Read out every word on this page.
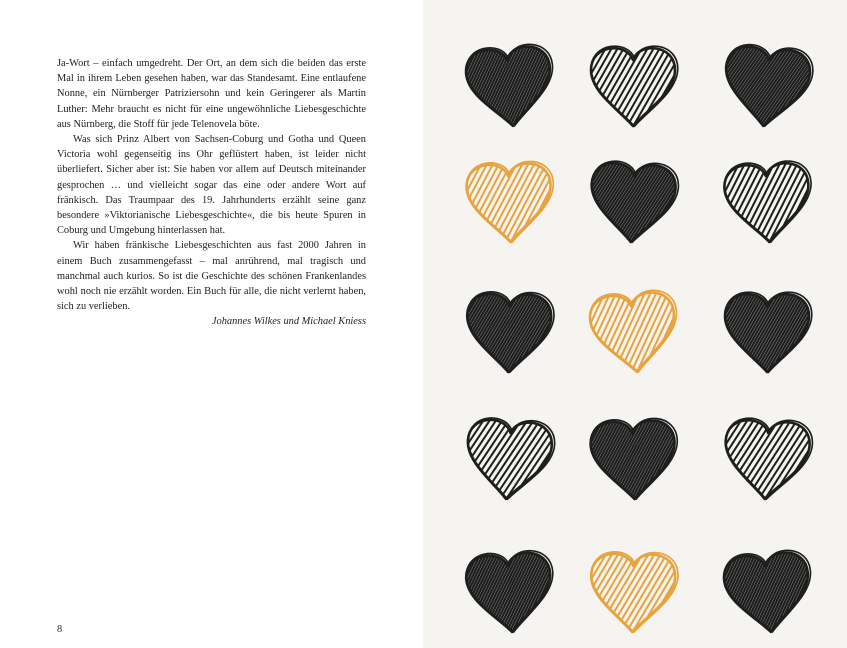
Ja-Wort – einfach umgedreht. Der Ort, an dem sich die beiden das erste Mal in ihrem Leben gesehen haben, war das Standesamt. Eine entlaufene Nonne, ein Nürnberger Patriziersohn und kein Geringerer als Martin Luther: Mehr braucht es nicht für eine ungewöhnliche Liebesgeschichte aus Nürnberg, die Stoff für jede Telenovela böte.

Was sich Prinz Albert von Sachsen-Coburg und Gotha und Queen Victoria wohl gegenseitig ins Ohr geflüstert haben, ist leider nicht überliefert. Sicher aber ist: Sie haben vor allem auf Deutsch miteinander gesprochen … und vielleicht sogar das eine oder andere Wort auf fränkisch. Das Traumpaar des 19. Jahrhunderts erzählt seine ganz besondere »Viktorianische Liebesgeschichte«, die bis heute Spuren in Coburg und Umgebung hinterlassen hat.

Wir haben fränkische Liebesgeschichten aus fast 2000 Jahren in einem Buch zusammengefasst – mal anrührend, mal tragisch und manchmal auch kurios. So ist die Geschichte des schönen Frankenlandes wohl noch nie erzählt worden. Ein Buch für alle, die nicht verlernt haben, sich zu verlieben.

Johannes Wilkes und Michael Kniess

8
